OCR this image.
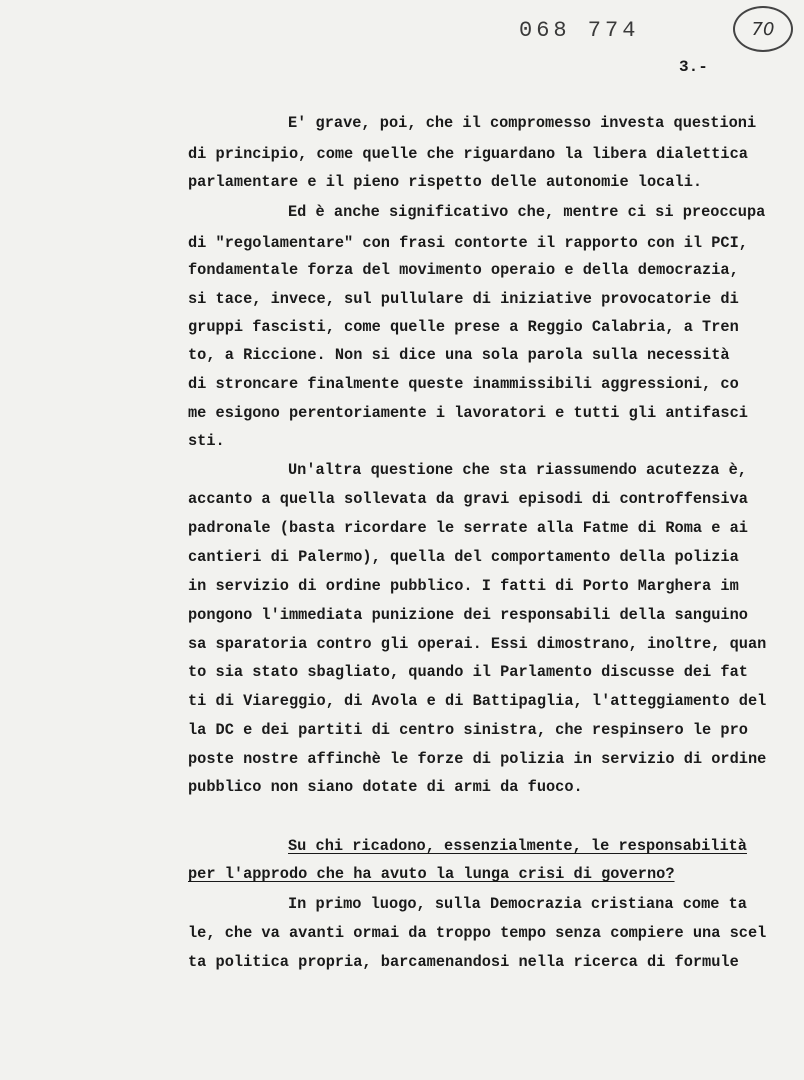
068 774	70
3.-
E' grave, poi, che il compromesso investa questioni
di principio, come quelle che riguardano la libera dialettica
parlamentare e il pieno rispetto delle autonomie locali.
Ed è anche significativo che, mentre ci si preoccupa
di "regolamentare" con frasi contorte il rapporto con il PCI,
fondamentale forza del movimento operaio e della democrazia,
si tace, invece, sul pullulare di iniziative provocatorie di
gruppi fascisti, come quelle prese a Reggio Calabria, a Tren
to, a Riccione. Non si dice una sola parola sulla necessità
di stroncare finalmente queste inammissibili aggressioni, co
me esigono perentoriamente i lavoratori e tutti gli antifasci
sti.
Un'altra questione che sta riassumendo acutezza è,
accanto a quella sollevata da gravi episodi di controffensiva
padronale (basta ricordare le serrate alla Fatme di Roma e ai
cantieri di Palermo), quella del comportamento della polizia
in servizio di ordine pubblico. I fatti di Porto Marghera im
pongono l'immediata punizione dei responsabili della sanguino
sa sparatoria contro gli operai. Essi dimostrano, inoltre, quan
to sia stato sbagliato, quando il Parlamento discusse dei fat
ti di Viareggio, di Avola e di Battipaglia, l'atteggiamento del
la DC e dei partiti di centro sinistra, che respinsero le pro
poste nostre affinchè le forze di polizia in servizio di ordine
pubblico non siano dotate di armi da fuoco.
Su chi ricadono, essenzialmente, le responsabilità
per l'approdo che ha avuto la lunga crisi di governo?
In primo luogo, sulla Democrazia cristiana come ta
le, che va avanti ormai da troppo tempo senza compiere una scel
ta politica propria, barcamenandosi nella ricerca di formule
